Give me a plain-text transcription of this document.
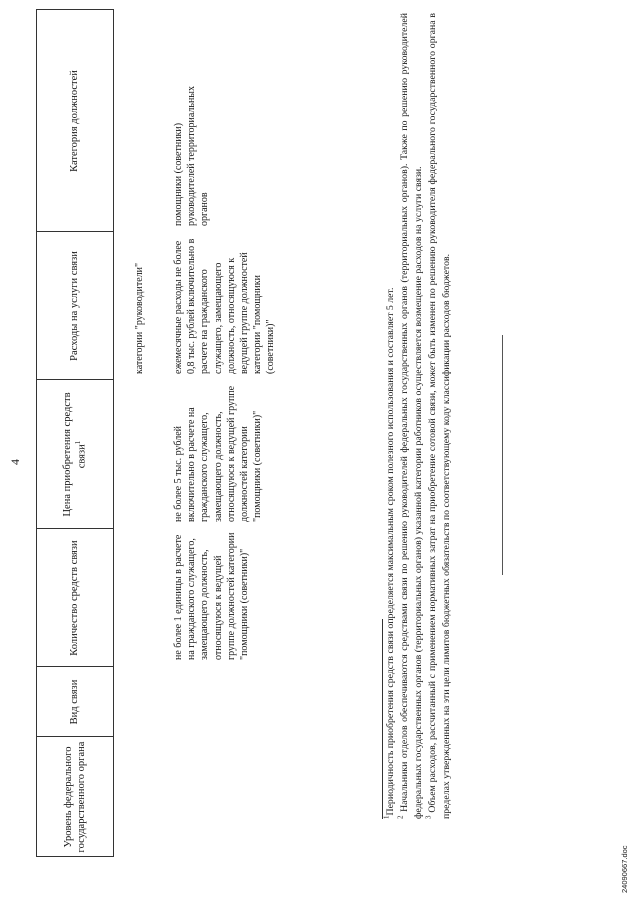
4
Уровень федерального государственного органа
Вид связи
Количество средств связи
Цена приобретения средств связи$^1$
Расходы на услуги связи
Категория должностей
категории "руководители"
не более 1 единицы в расчете на гражданского служащего, замещающего должность, относящуюся к ведущей группе должностей категории "помощники (советники)"
не более 5 тыс. рублей включительно в расчете на гражданского служащего, замещающего должность, относящуюся к ведущей группе должностей категории "помощники (советники)"
ежемесячные расходы не более 0,8 тыс. рублей включительно в расчете на гражданского служащего, замещающего должность, относящуюся к ведущей группе должностей категории "помощники (советники)"
помощники (советники) руководителей территориальных органов

$^1$Периодичность приобретения средств связи определяется максимальным сроком полезного использования и составляет 5 лет.

$^2$ Начальники отделов обеспечиваются средствами связи по решению руководителей федеральных государственных органов (территориальных органов). Также по решению руководителей федеральных государственных органов (территориальных органов) указанной категории работников осуществляется возмещение расходов на услуги связи. $^3$ Объем расходов, рассчитанный с применением нормативных затрат на приобретение сотовой связи, может быть изменен по решению руководителя федерального государственного органа в пределах утвержденных на эти цели лимитов бюджетных обязательств по соответствующему коду классификации расходов бюджетов.

24090667.doc
